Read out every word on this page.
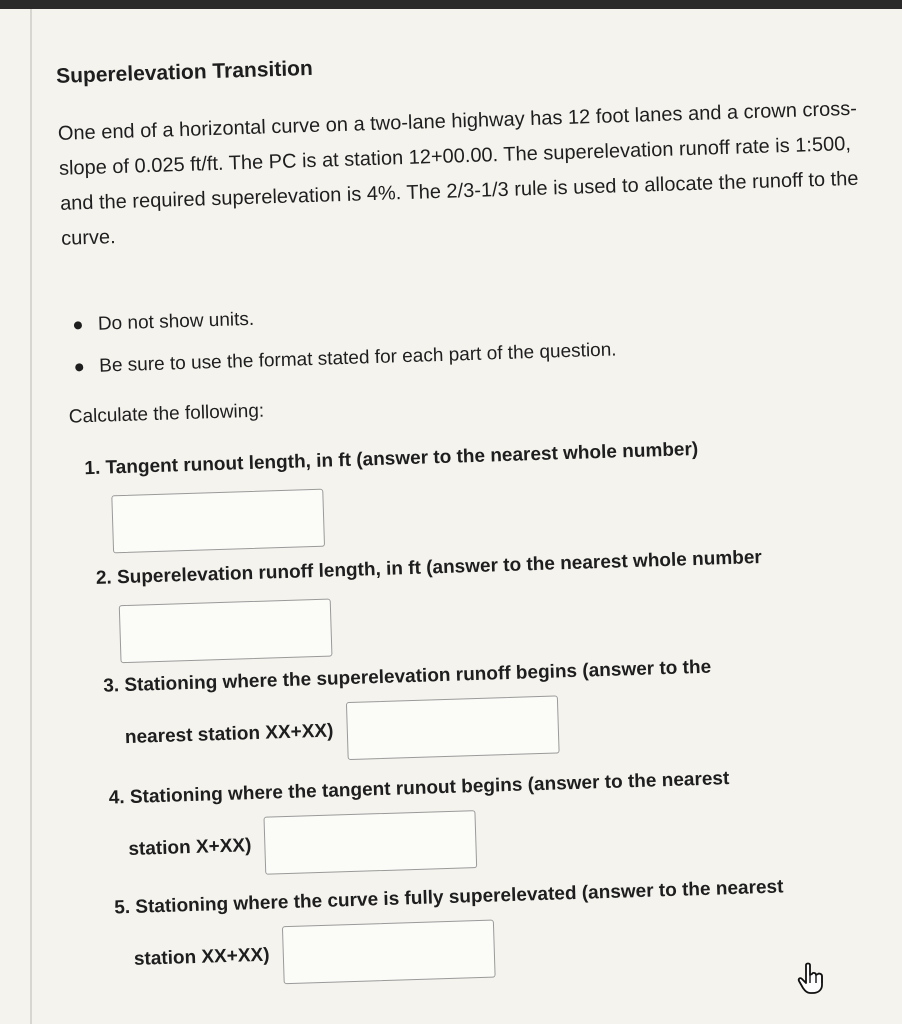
Superelevation Transition
One end of a horizontal curve on a two-lane highway has 12 foot lanes and a crown cross-slope of 0.025 ft/ft. The PC is at station 12+00.00. The superelevation runoff rate is 1:500, and the required superelevation is 4%. The 2/3-1/3 rule is used to allocate the runoff to the curve.
Do not show units.
Be sure to use the format stated for each part of the question.
Calculate the following:
1. Tangent runout length, in ft (answer to the nearest whole number)
2. Superelevation runoff length, in ft (answer to the nearest whole number
3. Stationing where the superelevation runoff begins (answer to the
nearest station XX+XX)
4. Stationing where the tangent runout begins (answer to the nearest
station X+XX)
5. Stationing where the curve is fully superelevated (answer to the nearest
station XX+XX)
